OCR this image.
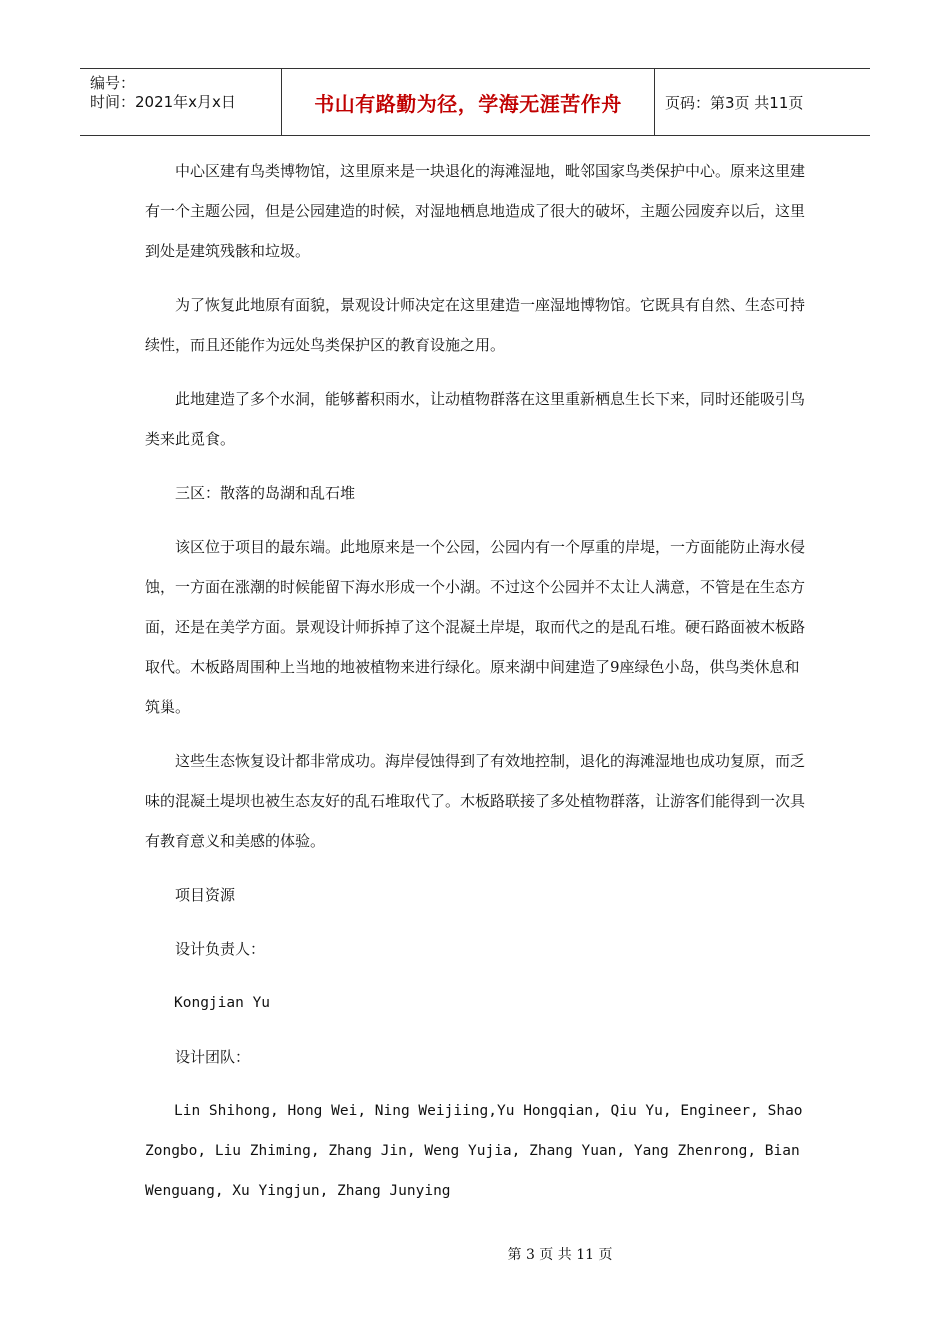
编号：
时间：2021年x月x日	书山有路勤为径，学海无涯苦作舟	页码：第3页 共11页

中心区建有鸟类博物馆，这里原来是一块退化的海滩湿地，毗邻国家鸟类保护中心。原来这里建有一个主题公园，但是公园建造的时候，对湿地栖息地造成了很大的破坏，主题公园废弃以后，这里到处是建筑残骸和垃圾。

为了恢复此地原有面貌，景观设计师决定在这里建造一座湿地博物馆。它既具有自然、生态可持续性，而且还能作为远处鸟类保护区的教育设施之用。

此地建造了多个水洞，能够蓄积雨水，让动植物群落在这里重新栖息生长下来，同时还能吸引鸟类来此觅食。

三区：散落的岛湖和乱石堆

该区位于项目的最东端。此地原来是一个公园，公园内有一个厚重的岸堤，一方面能防止海水侵蚀，一方面在涨潮的时候能留下海水形成一个小湖。不过这个公园并不太让人满意，不管是在生态方面，还是在美学方面。景观设计师拆掉了这个混凝土岸堤，取而代之的是乱石堆。硬石路面被木板路取代。木板路周围种上当地的地被植物来进行绿化。原来湖中间建造了9座绿色小岛，供鸟类休息和筑巢。

这些生态恢复设计都非常成功。海岸侵蚀得到了有效地控制，退化的海滩湿地也成功复原，而乏味的混凝土堤坝也被生态友好的乱石堆取代了。木板路联接了多处植物群落，让游客们能得到一次具有教育意义和美感的体验。

项目资源

设计负责人：

Kongjian Yu

设计团队：

Lin Shihong, Hong Wei, Ning Weijiing,Yu Hongqian, Qiu Yu, Engineer, Shao Zongbo, Liu Zhiming, Zhang Jin, Weng Yujia, Zhang Yuan, Yang Zhenrong, Bian Wenguang, Xu Yingjun, Zhang Junying

第 3 页 共 11 页
